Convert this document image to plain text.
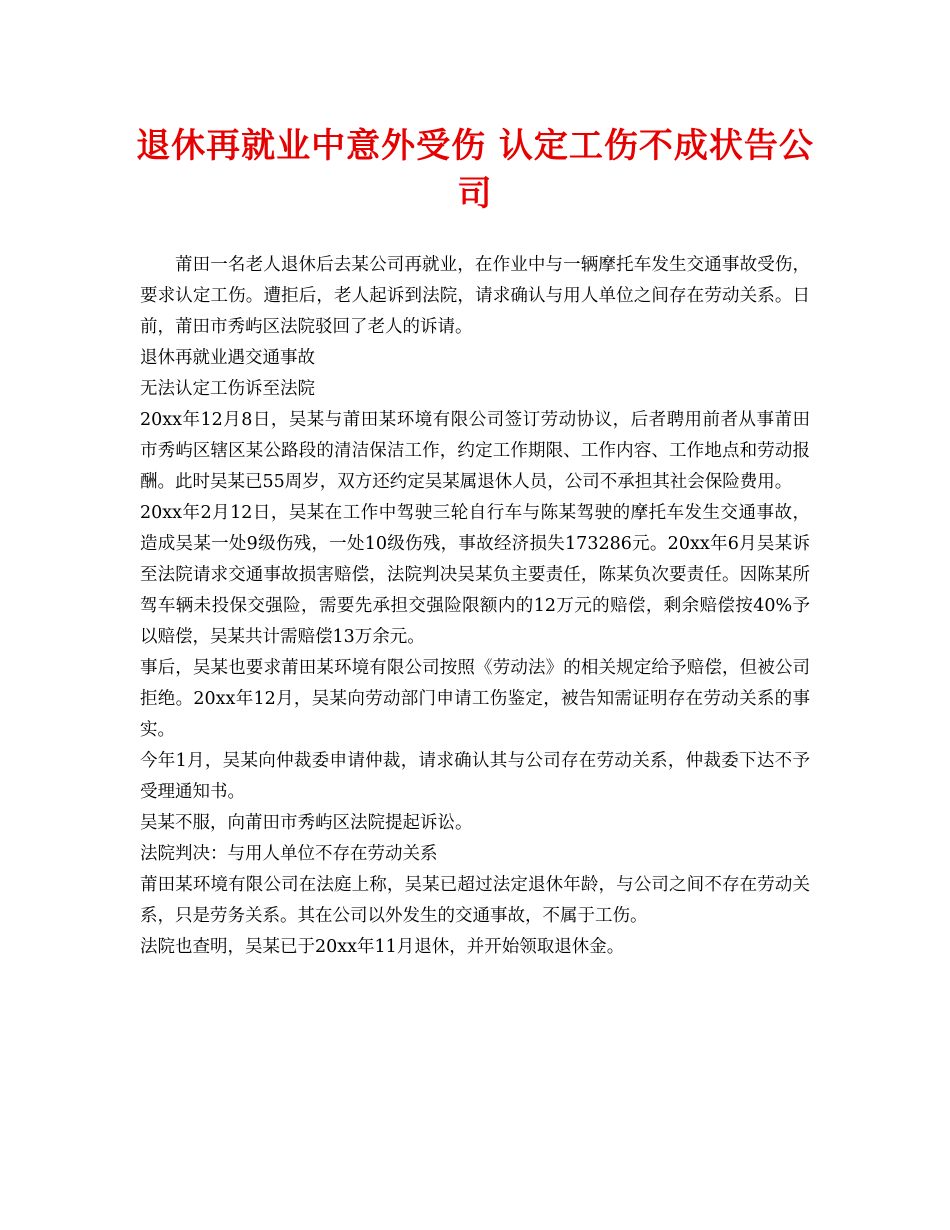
退休再就业中意外受伤 认定工伤不成状告公司

莆田一名老人退休后去某公司再就业，在作业中与一辆摩托车发生交通事故受伤，要求认定工伤。遭拒后，老人起诉到法院，请求确认与用人单位之间存在劳动关系。日前，莆田市秀屿区法院驳回了老人的诉请。

退休再就业遇交通事故

无法认定工伤诉至法院

20xx年12月8日，吴某与莆田某环境有限公司签订劳动协议，后者聘用前者从事莆田市秀屿区辖区某公路段的清洁保洁工作，约定工作期限、工作内容、工作地点和劳动报酬。此时吴某已55周岁，双方还约定吴某属退休人员，公司不承担其社会保险费用。

20xx年2月12日，吴某在工作中驾驶三轮自行车与陈某驾驶的摩托车发生交通事故，造成吴某一处9级伤残，一处10级伤残，事故经济损失173286元。20xx年6月吴某诉至法院请求交通事故损害赔偿，法院判决吴某负主要责任，陈某负次要责任。因陈某所驾车辆未投保交强险，需要先承担交强险限额内的12万元的赔偿，剩余赔偿按40%予以赔偿，吴某共计需赔偿13万余元。

事后，吴某也要求莆田某环境有限公司按照《劳动法》的相关规定给予赔偿，但被公司拒绝。20xx年12月，吴某向劳动部门申请工伤鉴定，被告知需证明存在劳动关系的事实。

今年1月，吴某向仲裁委申请仲裁，请求确认其与公司存在劳动关系，仲裁委下达不予受理通知书。

吴某不服，向莆田市秀屿区法院提起诉讼。

法院判决：与用人单位不存在劳动关系

莆田某环境有限公司在法庭上称，吴某已超过法定退休年龄，与公司之间不存在劳动关系，只是劳务关系。其在公司以外发生的交通事故，不属于工伤。

法院也查明，吴某已于20xx年11月退休，并开始领取退休金。
